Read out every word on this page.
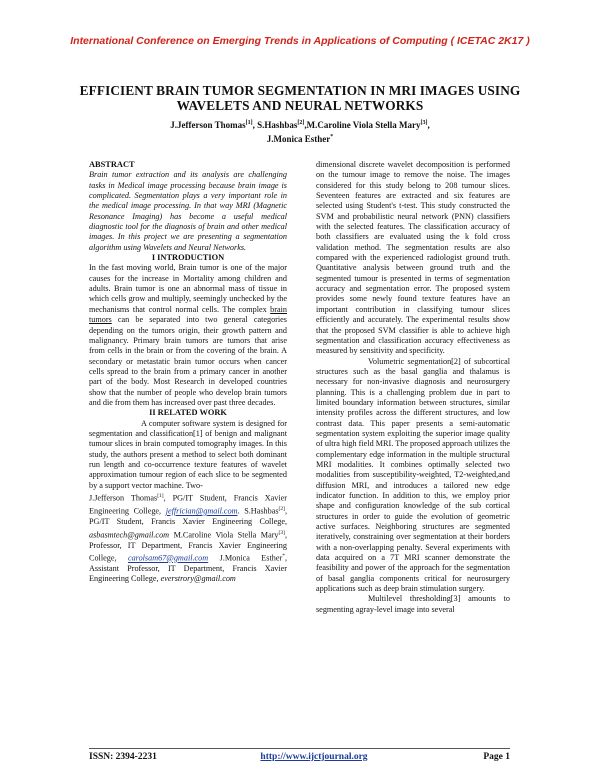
International Conference on Emerging Trends in Applications of Computing ( ICETAC 2K17 )
EFFICIENT BRAIN TUMOR SEGMENTATION IN MRI IMAGES USING WAVELETS AND NEURAL NETWORKS
J.Jefferson Thomas[1], S.Hashbas[2],M.Caroline Viola Stella Mary[3],
J.Monica Esther*

ABSTRACT

Brain tumor extraction and its analysis are challenging tasks in Medical image processing because brain image is complicated. Segmentation plays a very important role in the medical image processing. In that way MRI (Magnetic Resonance Imaging) has become a useful medical diagnostic tool for the diagnosis of brain and other medical images. In this project we are presenting a segmentation algorithm using Wavelets and Neural Networks.

I INTRODUCTION

In the fast moving world, Brain tumor is one of the major causes for the increase in Mortality among children and adults. Brain tumor is one an abnormal mass of tissue in which cells grow and multiply, seemingly unchecked by the mechanisms that control normal cells. The complex brain tumors can be separated into two general categories depending on the tumors origin, their growth pattern and malignancy. Primary brain tumors are tumors that arise from cells in the brain or from the covering of the brain. A secondary or metastatic brain tumor occurs when cancer cells spread to the brain from a primary cancer in another part of the body. Most Research in developed countries show that the number of people who develop brain tumors and die from them has increased over past three decades.

II RELATED WORK

A computer software system is designed for segmentation and classification[1] of benign and malignant tumour slices in brain computed tomography images. In this study, the authors present a method to select both dominant run length and co-occurrence texture features of wavelet approximation tumour region of each slice to be segmented by a support vector machine. Two-

J.Jefferson Thomas[1], PG/IT Student, Francis Xavier Engineering College, jeffrician@gmail.com. S.Hashbas[2], PG/IT Student, Francis Xavier Engineering College, asbasmtech@gmail.com M.Caroline Viola Stella Mary[3], Professor, IT Department, Francis Xavier Engineering College, carolsam67@gmail.com J.Monica Esther*, Assistant Professor, IT Department, Francis Xavier Engineering College, everstrory@gmail.com

dimensional discrete wavelet decomposition is performed on the tumour image to remove the noise. The images considered for this study belong to 208 tumour slices. Seventeen features are extracted and six features are selected using Student's t-test. This study constructed the SVM and probabilistic neural network (PNN) classifiers with the selected features. The classification accuracy of both classifiers are evaluated using the k fold cross validation method. The segmentation results are also compared with the experienced radiologist ground truth. Quantitative analysis between ground truth and the segmented tumour is presented in terms of segmentation accuracy and segmentation error. The proposed system provides some newly found texture features have an important contribution in classifying tumour slices efficiently and accurately. The experimental results show that the proposed SVM classifier is able to achieve high segmentation and classification accuracy effectiveness as measured by sensitivity and specificity.

Volumetric segmentation[2] of subcortical structures such as the basal ganglia and thalamus is necessary for non-invasive diagnosis and neurosurgery planning. This is a challenging problem due in part to limited boundary information between structures, similar intensity profiles across the different structures, and low contrast data. This paper presents a semi-automatic segmentation system exploiting the superior image quality of ultra high field MRI. The proposed approach utilizes the complementary edge information in the multiple structural MRI modalities. It combines optimally selected two modalities from susceptibility-weighted, T2-weighted,and diffusion MRI, and introduces a tailored new edge indicator function. In addition to this, we employ prior shape and configuration knowledge of the sub cortical structures in order to guide the evolution of geometric active surfaces. Neighboring structures are segmented iteratively, constraining over segmentation at their borders with a non-overlapping penalty. Several experiments with data acquired on a 7T MRI scanner demonstrate the feasibility and power of the approach for the segmentation of basal ganglia components critical for neurosurgery applications such as deep brain stimulation surgery.

Multilevel thresholding[3] amounts to segmenting agray-level image into several

ISSN: 2394-2231	http://www.ijctjournal.org	Page 1
